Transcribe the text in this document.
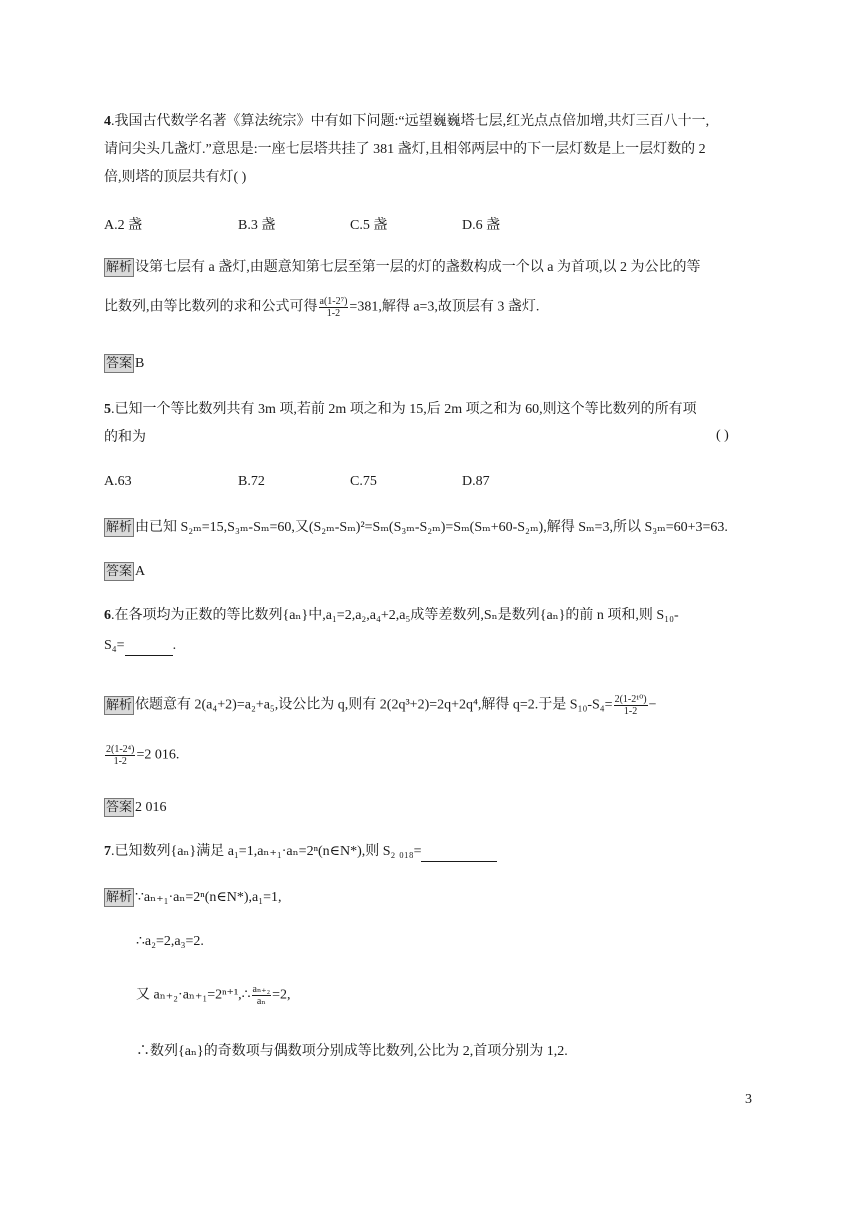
4.我国古代数学名著《算法统宗》中有如下问题:“远望巍巍塔七层,红光点点倍加增,共灯三百八十一,
请问尖头几盏灯.”意思是:一座七层塔共挂了 381 盏灯,且相邻两层中的下一层灯数是上一层灯数的 2
倍,则塔的顶层共有灯( )
A.2 盏	B.3 盏	C.5 盏	D.6 盏
解析 设第七层有 a 盏灯,由题意知第七层至第一层的灯的盏数构成一个以 a 为首项,以 2 为公比的等
比数列,由等比数列的求和公式可得 $\frac{\text{a(1-2⁷)}}{1-2} =381$,解得 a=3,故顶层有 3 盏灯.
答案 B
5.已知一个等比数列共有 3m 项,若前 2m 项之和为 15,后 2m 项之和为 60,则这个等比数列的所有项
的和为	( )
A.63	B.72	C.75	D.87
解析 由已知 S₂ₘ=15,S₃ₘ-Sₘ=60,又(S₂ₘ-Sₘ)²=Sₘ(S₃ₘ-S₂ₘ)=Sₘ(Sₘ+60-S₂ₘ),解得 Sₘ=3,所以 S₃ₘ=60+3=63.
答案 A
6.在各项均为正数的等比数列{aₙ}中,a₁=2,a₂,a₄+2,a₅成等差数列,Sₙ是数列{aₙ}的前 n 项和,则 S₁₀-
S₄=	.
解析 依题意有 2(a₄+2)=a₂+a₅,设公比为 q,则有 2(2q³+2)=2q+2q⁴,解得 q=2.于是 $S_{10}-S_4= \frac{\text{2(1-2¹⁰)}}{1-2}$ −
$\frac{\text{2(1-2⁴)}}{1-2} =2$ 016.
答案 2 016
7.已知数列{aₙ}满足 a₁=1,aₙ₊₁·aₙ=2ⁿ(n∈N*),则 S₂ ₀₁₈=
解析 ∵aₙ₊₁·aₙ=2ⁿ(n∈N*),a₁=1,
∴a₂=2,a₃=2.
又 aₙ₊₂·aₙ₊₁=2ⁿ⁺¹,∴ $\frac{\text{aₙ₊₂}}{\text{aₙ}} =2$,
∴数列{aₙ}的奇数项与偶数项分别成等比数列,公比为 2,首项分别为 1,2.
3
